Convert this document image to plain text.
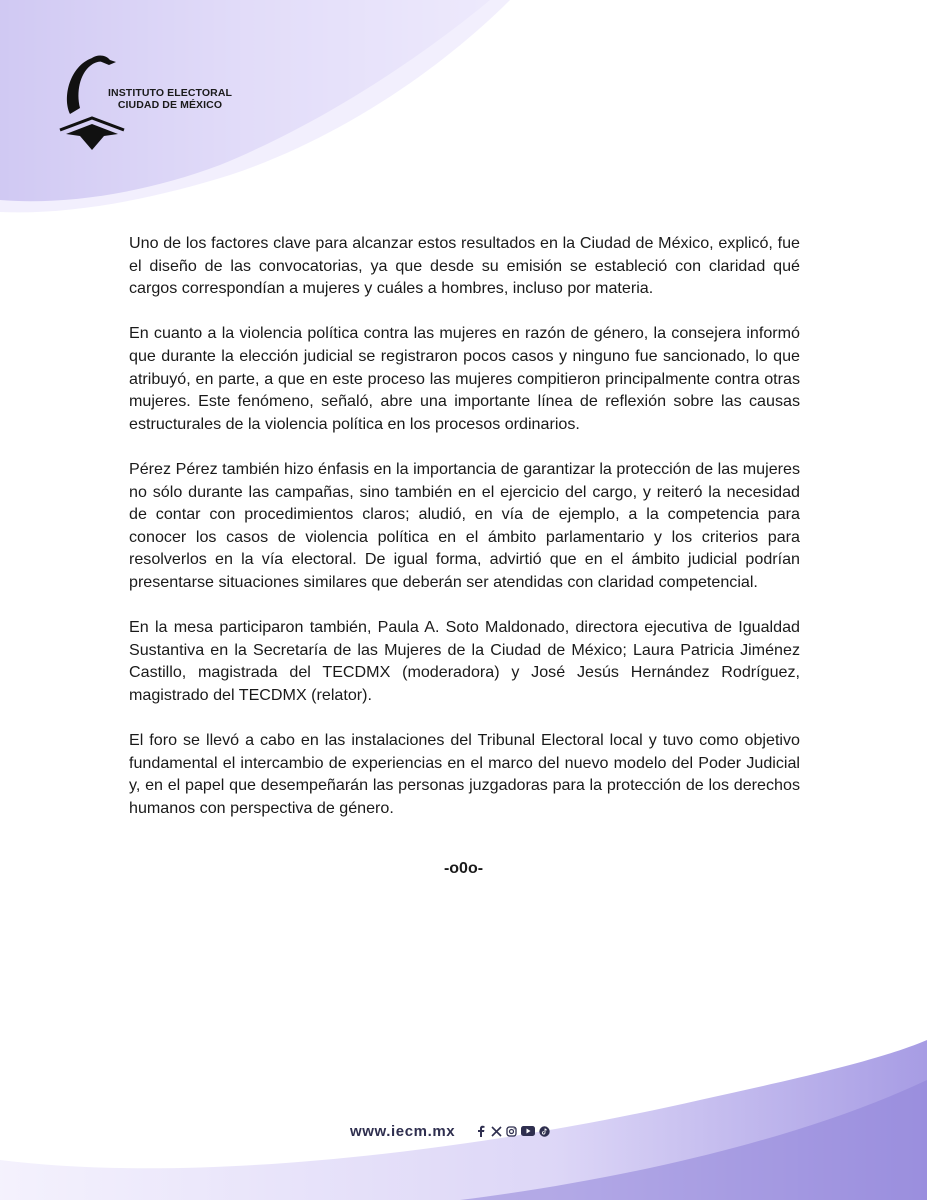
INSTITUTO ELECTORAL
CIUDAD DE MÉXICO

Uno de los factores clave para alcanzar estos resultados en la Ciudad de México, explicó, fue el diseño de las convocatorias, ya que desde su emisión se estableció con claridad qué cargos correspondían a mujeres y cuáles a hombres, incluso por materia.

En cuanto a la violencia política contra las mujeres en razón de género, la consejera informó que durante la elección judicial se registraron pocos casos y ninguno fue sancionado, lo que atribuyó, en parte, a que en este proceso las mujeres compitieron principalmente contra otras mujeres. Este fenómeno, señaló, abre una importante línea de reflexión sobre las causas estructurales de la violencia política en los procesos ordinarios.

Pérez Pérez también hizo énfasis en la importancia de garantizar la protección de las mujeres no sólo durante las campañas, sino también en el ejercicio del cargo, y reiteró la necesidad de contar con procedimientos claros; aludió, en vía de ejemplo, a la competencia para conocer los casos de violencia política en el ámbito parlamentario y los criterios para resolverlos en la vía electoral. De igual forma, advirtió que en el ámbito judicial podrían presentarse situaciones similares que deberán ser atendidas con claridad competencial.

En la mesa participaron también, Paula A. Soto Maldonado, directora ejecutiva de Igualdad Sustantiva en la Secretaría de las Mujeres de la Ciudad de México; Laura Patricia Jiménez Castillo, magistrada del TECDMX (moderadora) y José Jesús Hernández Rodríguez, magistrado del TECDMX (relator).

El foro se llevó a cabo en las instalaciones del Tribunal Electoral local y tuvo como objetivo fundamental el intercambio de experiencias en el marco del nuevo modelo del Poder Judicial y, en el papel que desempeñarán las personas juzgadoras para la protección de los derechos humanos con perspectiva de género.

-o0o-
www.iecm.mx
